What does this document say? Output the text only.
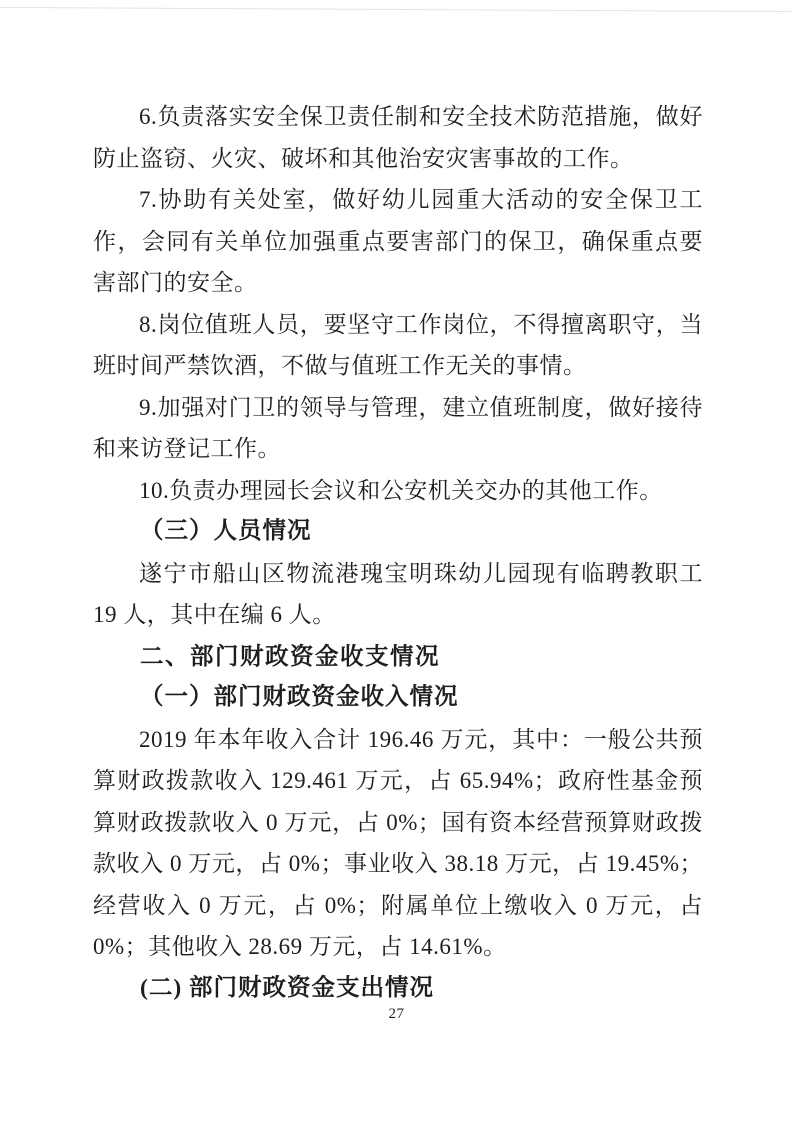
6.负责落实安全保卫责任制和安全技术防范措施，做好防止盗窃、火灾、破坏和其他治安灾害事故的工作。

7.协助有关处室，做好幼儿园重大活动的安全保卫工作，会同有关单位加强重点要害部门的保卫，确保重点要害部门的安全。

8.岗位值班人员，要坚守工作岗位，不得擅离职守，当班时间严禁饮酒，不做与值班工作无关的事情。

9.加强对门卫的领导与管理，建立值班制度，做好接待和来访登记工作。

10.负责办理园长会议和公安机关交办的其他工作。

（三）人员情况

遂宁市船山区物流港瑰宝明珠幼儿园现有临聘教职工 19 人，其中在编 6 人。

二、部门财政资金收支情况
（一）部门财政资金收入情况

2019 年本年收入合计 196.46 万元，其中：一般公共预算财政拨款收入 129.461 万元，占 65.94%；政府性基金预算财政拨款收入 0 万元，占 0%；国有资本经营预算财政拨款收入 0 万元，占 0%；事业收入 38.18 万元，占 19.45%；经营收入 0 万元，占 0%；附属单位上缴收入 0 万元，占 0%；其他收入 28.69 万元，占 14.61%。

(二) 部门财政资金支出情况
27
